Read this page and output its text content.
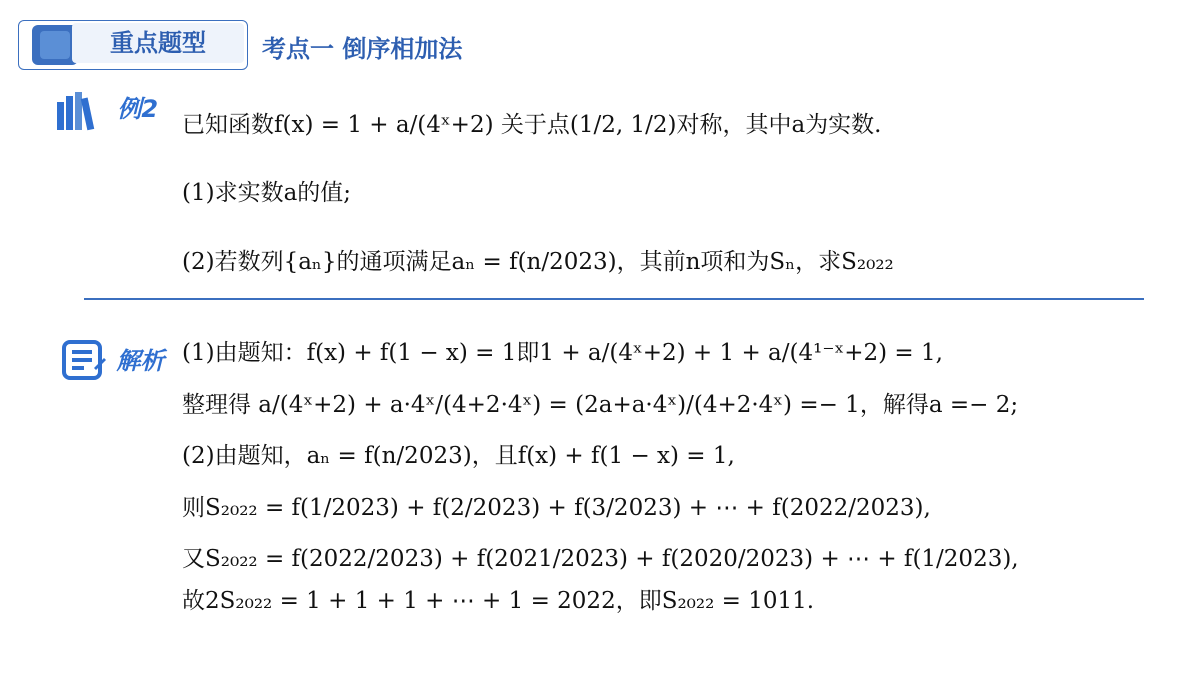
重点题型	考点一 倒序相加法
例2
已知函数f(x) = 1 + a/(4ˣ+2) 关于点(1/2, 1/2)对称，其中a为实数.
(1)求实数a的值;
(2)若数列{aₙ}的通项满足aₙ = f(n/2023)，其前n项和为Sₙ，求S₂₀₂₂
解析 (1)由题知：f(x) + f(1 − x) = 1即1 + a/(4ˣ+2) + 1 + a/(4¹⁻ˣ+2) = 1,
整理得 a/(4ˣ+2) + a·4ˣ/(4+2·4ˣ) = (2a+a·4ˣ)/(4+2·4ˣ) =− 1，解得a =− 2;
(2)由题知，aₙ = f(n/2023)，且f(x) + f(1 − x) = 1,
则S₂₀₂₂ = f(1/2023) + f(2/2023) + f(3/2023) + ⋯ + f(2022/2023),
又S₂₀₂₂ = f(2022/2023) + f(2021/2023) + f(2020/2023) + ⋯ + f(1/2023),
故2S₂₀₂₂ = 1 + 1 + 1 + ⋯ + 1 = 2022，即S₂₀₂₂ = 1011.
